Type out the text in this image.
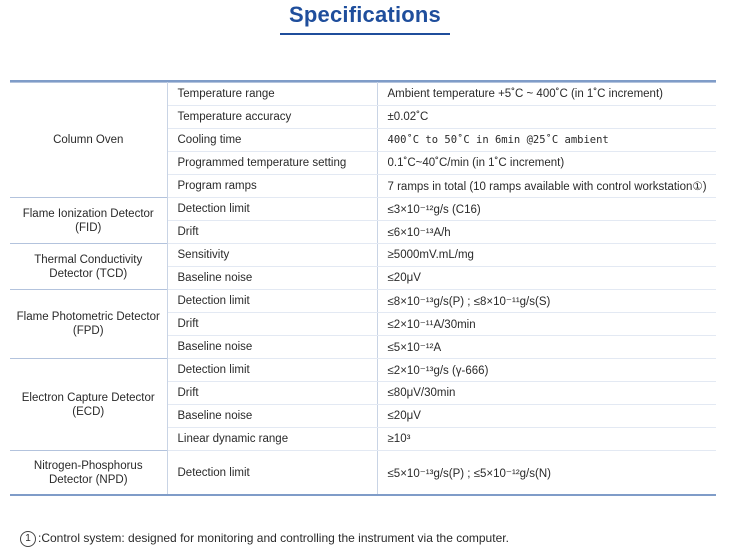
Specifications
Column Oven	Temperature range	Ambient temperature +5˚C ~ 400˚C (in 1˚C increment)
	Temperature accuracy	±0.02˚C
	Cooling time	400˚C to 50˚C in 6min @25˚C ambient
	Programmed temperature setting	0.1˚C~40˚C/min (in 1˚C increment)
	Program ramps	7 ramps in total (10 ramps available with control workstation①)
Flame Ionization Detector (FID)	Detection limit	≤3×10⁻¹²g/s (C16)
	Drift	≤6×10⁻¹³A/h
Thermal Conductivity Detector (TCD)	Sensitivity	≥5000mV.mL/mg
	Baseline noise	≤20μV
Flame Photometric Detector (FPD)	Detection limit	≤8×10⁻¹³g/s(P) ; ≤8×10⁻¹¹g/s(S)
	Drift	≤2×10⁻¹¹A/30min
	Baseline noise	≤5×10⁻¹²A
Electron Capture Detector (ECD)	Detection limit	≤2×10⁻¹³g/s (γ-666)
	Drift	≤80μV/30min
	Baseline noise	≤20μV
	Linear dynamic range	≥10³
Nitrogen-Phosphorus Detector (NPD)	Detection limit	≤5×10⁻¹³g/s(P) ; ≤5×10⁻¹²g/s(N)
1 :Control system: designed for monitoring and controlling the instrument via the computer.
